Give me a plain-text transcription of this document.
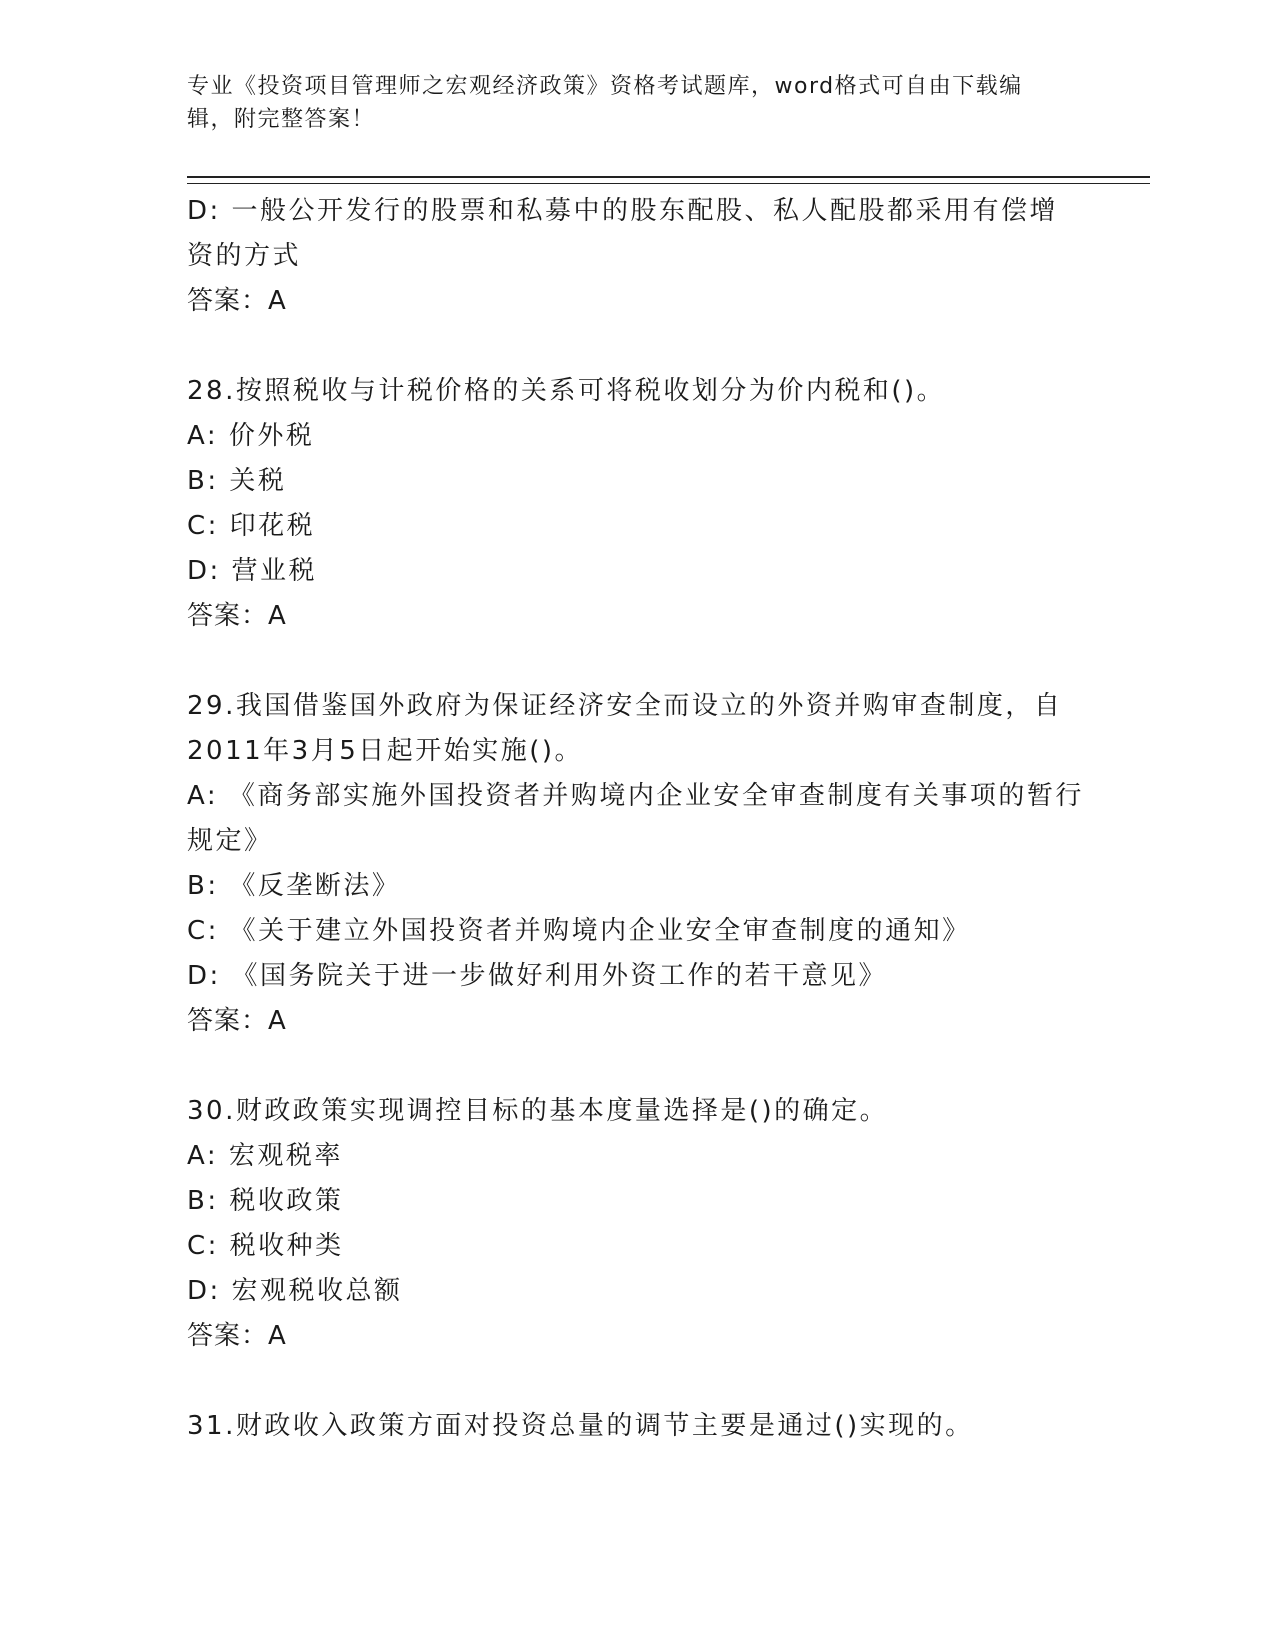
专业《投资项目管理师之宏观经济政策》资格考试题库，word格式可自由下载编辑，附完整答案！
D: 一般公开发行的股票和私募中的股东配股、私人配股都采用有偿增资的方式
答案：A
28.按照税收与计税价格的关系可将税收划分为价内税和()。
A: 价外税
B: 关税
C: 印花税
D: 营业税
答案：A
29.我国借鉴国外政府为保证经济安全而设立的外资并购审查制度，自2011年3月5日起开始实施()。
A: 《商务部实施外国投资者并购境内企业安全审查制度有关事项的暂行规定》
B: 《反垄断法》
C: 《关于建立外国投资者并购境内企业安全审查制度的通知》
D: 《国务院关于进一步做好利用外资工作的若干意见》
答案：A
30.财政政策实现调控目标的基本度量选择是()的确定。
A: 宏观税率
B: 税收政策
C: 税收种类
D: 宏观税收总额
答案：A
31.财政收入政策方面对投资总量的调节主要是通过()实现的。
